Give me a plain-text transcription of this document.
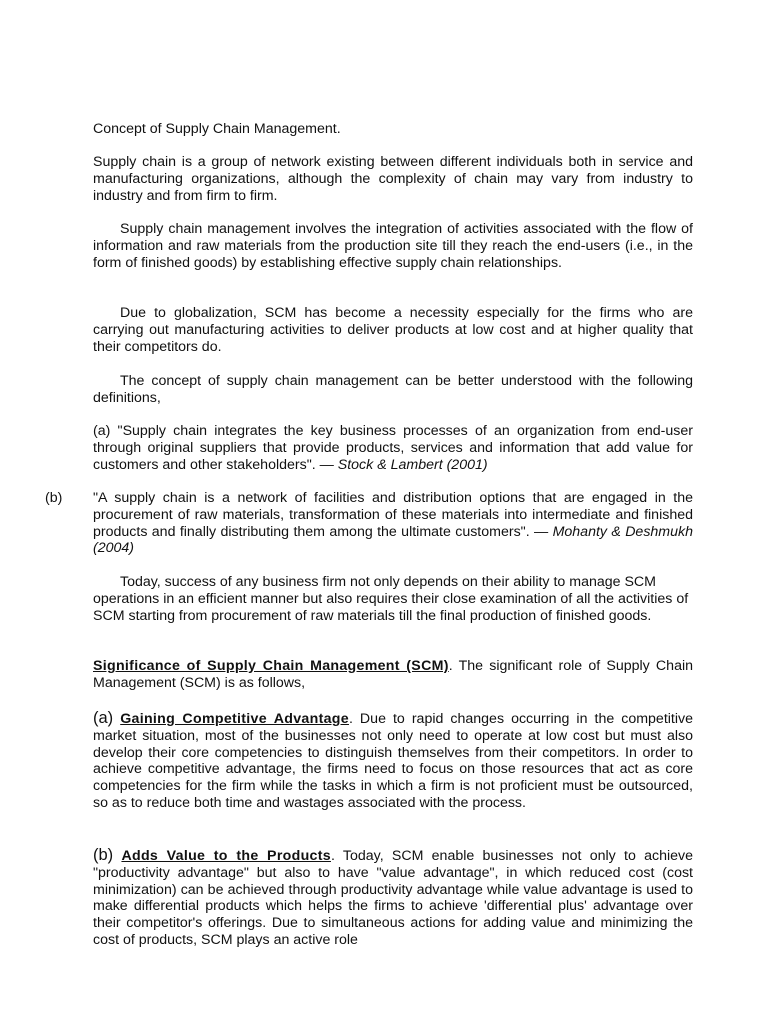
Concept of Supply Chain Management.
Supply chain is a group of network existing between different individuals both in service and manufacturing organizations, although the complexity of chain may vary from industry to industry and from firm to firm.
Supply chain management involves the integration of activities associated with the flow of information and raw materials from the production site till they reach the end-users (i.e., in the form of finished goods) by establishing effective supply chain relationships.
Due to globalization, SCM has become a necessity especially for the firms who are carrying out manufacturing activities to deliver products at low cost and at higher quality that their competitors do.
The concept of supply chain management can be better understood with the following definitions,
(a) "Supply chain integrates the key business processes of an organization from end-user through original suppliers that provide products, services and information that add value for customers and other stakeholders". — Stock & Lambert (2001)
(b) "A supply chain is a network of facilities and distribution options that are engaged in the procurement of raw materials, transformation of these materials into intermediate and finished products and finally distributing them among the ultimate customers". — Mohanty & Deshmukh (2004)
Today, success of any business firm not only depends on their ability to manage SCM operations in an efficient manner but also requires their close examination of all the activities of SCM starting from procurement of raw materials till the final production of finished goods.
Significance of Supply Chain Management (SCM). The significant role of Supply Chain Management (SCM) is as follows,
(a) Gaining Competitive Advantage. Due to rapid changes occurring in the competitive market situation, most of the businesses not only need to operate at low cost but must also develop their core competencies to distinguish themselves from their competitors. In order to achieve competitive advantage, the firms need to focus on those resources that act as core competencies for the firm while the tasks in which a firm is not proficient must be outsourced, so as to reduce both time and wastages associated with the process.
(b) Adds Value to the Products. Today, SCM enable businesses not only to achieve "productivity advantage" but also to have "value advantage", in which reduced cost (cost minimization) can be achieved through productivity advantage while value advantage is used to make differential products which helps the firms to achieve 'differential plus' advantage over their competitor's offerings. Due to simultaneous actions for adding value and minimizing the cost of products, SCM plays an active role
